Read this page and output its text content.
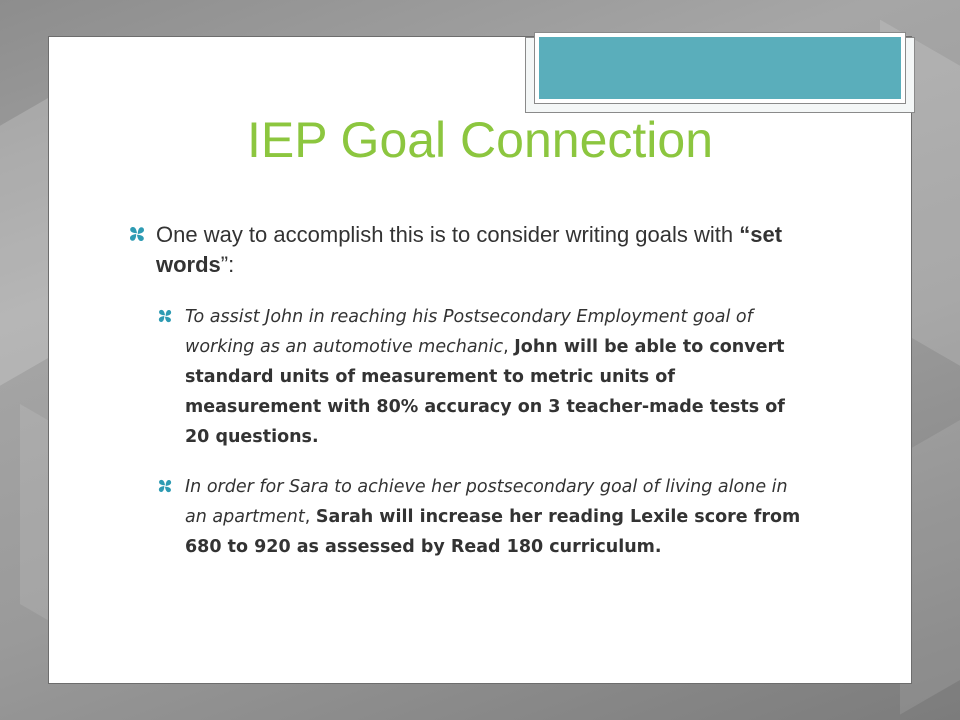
IEP Goal Connection
One way to accomplish this is to consider writing goals with “set words”:
To assist John in reaching his Postsecondary Employment goal of working as an automotive mechanic, John will be able to convert standard units of measurement to metric units of measurement with 80% accuracy on 3 teacher-made tests of 20 questions.
In order for Sara to achieve her postsecondary goal of living alone in an apartment, Sarah will increase her reading Lexile score from 680 to 920 as assessed by Read 180 curriculum.
